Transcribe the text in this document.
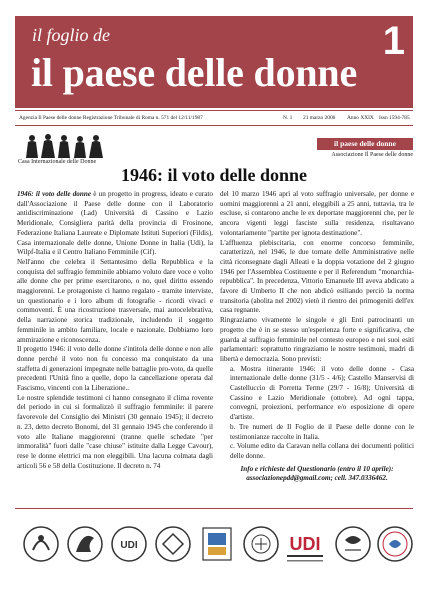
il foglio de
il paese delle donne
1
Agenzia Il Paese delle donne Registrazione Tribunale di Roma n. 571 del 12/11/1987	N. 1 21 marzo 2006 Anno XXIX Issn 1594-785
Casa Internazionale delle Donne
il paese delle donne
Associazione Il Paese delle donne
1946: il voto delle donne

1946: il voto delle donne è un progetto in progress, ideato e curato dall'Associazione il Paese delle donne con il Laboratorio antidiscriminazione (Lad) Università di Cassino e Lazio Meridionale, Consigliera parità della provincia di Frosinone, Federazione Italiana Laureate e Diplomate Istituti Superiori (Fildis), Casa internazionale delle donne, Unione Donne in Italia (Udi), la Wilpf-Italia e il Centro Italiano Femminile (Cif).

Nell'anno che celebra il Settantesimo della Repubblica e la conquista del suffragio femminile abbiamo voluto dare voce e volto alle donne che per prime esercitarono, o no, quel diritto essendo maggiorenni. Le protagoniste ci hanno regalato - tramite interviste, un questionario e i loro album di fotografie - ricordi vivaci e commoventi. È una ricostruzione trasversale, mai autocelebrativa, della narrazione storica tradizionale, includendo il soggetto femminile in ambito familiare, locale e nazionale. Dobbiamo loro ammirazione e riconoscenza.

Il progetto 1946: il voto delle donne s'intitola delle donne e non alle donne perché il voto non fu concesso ma conquistato da una staffetta di generazioni impegnate nelle battaglie pro-voto, da quelle precedenti l'Unità fino a quelle, dopo la cancellazione operata dal Fascismo, vincenti con la Liberazione..

Le nostre splendide testimoni ci hanno consegnato il clima rovente del periodo in cui si formalizzò il suffragio femminile: il parere favorevole del Consiglio dei Ministri (30 gennaio 1945); il decreto n. 23, detto decreto Bonomi, del 31 gennaio 1945 che conferendo il voto alle Italiane maggiorenni (tranne quelle schedate "per immoralità" fuori dalle "case chiuse" istituite dalla Legge Cavour), rese le donne elettrici ma non eleggibili. Una lacuna colmata dagli articoli 56 e 58 della Costituzione. Il decreto n. 74

del 10 marzo 1946 aprì al voto suffragio universale, per donne e uomini maggiorenni a 21 anni, eleggibili a 25 anni, tuttavia, tra le escluse, si contarono anche le ex deportate maggiorenni che, per le ancora vigenti leggi fasciste sulla residenza, risultavano volontariamente "partite per ignota destinazione".

L'affluenza plebiscitaria, con enorme concorso femminile, caratterizzò, nel 1946, le due tornate delle Amministrative nelle città riconsegnate dagli Alleati e la doppia votazione del 2 giugno 1946 per l'Assemblea Costituente e per il Referendum "monarchia-repubblica". In precedenza, Vittorio Emanuele III aveva abdicato a favore di Umberto II che non abdicò esiliando perciò la norma transitoria (abolita nel 2002) vietò il rientro dei primogeniti dell'ex casa regnante.

Ringraziamo vivamente le singole e gli Enti patrocinanti un progetto che è in se stesso un'esperienza forte e significativa, che guarda al suffragio femminile nel contesto europeo e nei suoi esiti parlamentari: soprattutto ringraziamo le nostre testimoni, madri di libertà e democrazia. Sono previsti:

a. Mostra itinerante 1946: il voto delle donne - Casa internazionale delle donne (31/5 - 4/6); Castello Manservisi di Castelluccio di Porretta Terme (29/7 - 16/8); Università di Cassino e Lazio Meridionale (ottobre). Ad ogni tappa, convegni, proiezioni, performance e/o esposizione di opere d'artiste.

b. Tre numeri de Il Foglio de il Paese delle donne con le testimonianze raccolte in Italia.

c. Volume edito da Caravan nella collana dei documenti politici delle donne.

Info e richieste del Questionario (entro il 10 aprile):

associazionepdd@gmail.com; cell. 347.0336462.

UDI	UDI
